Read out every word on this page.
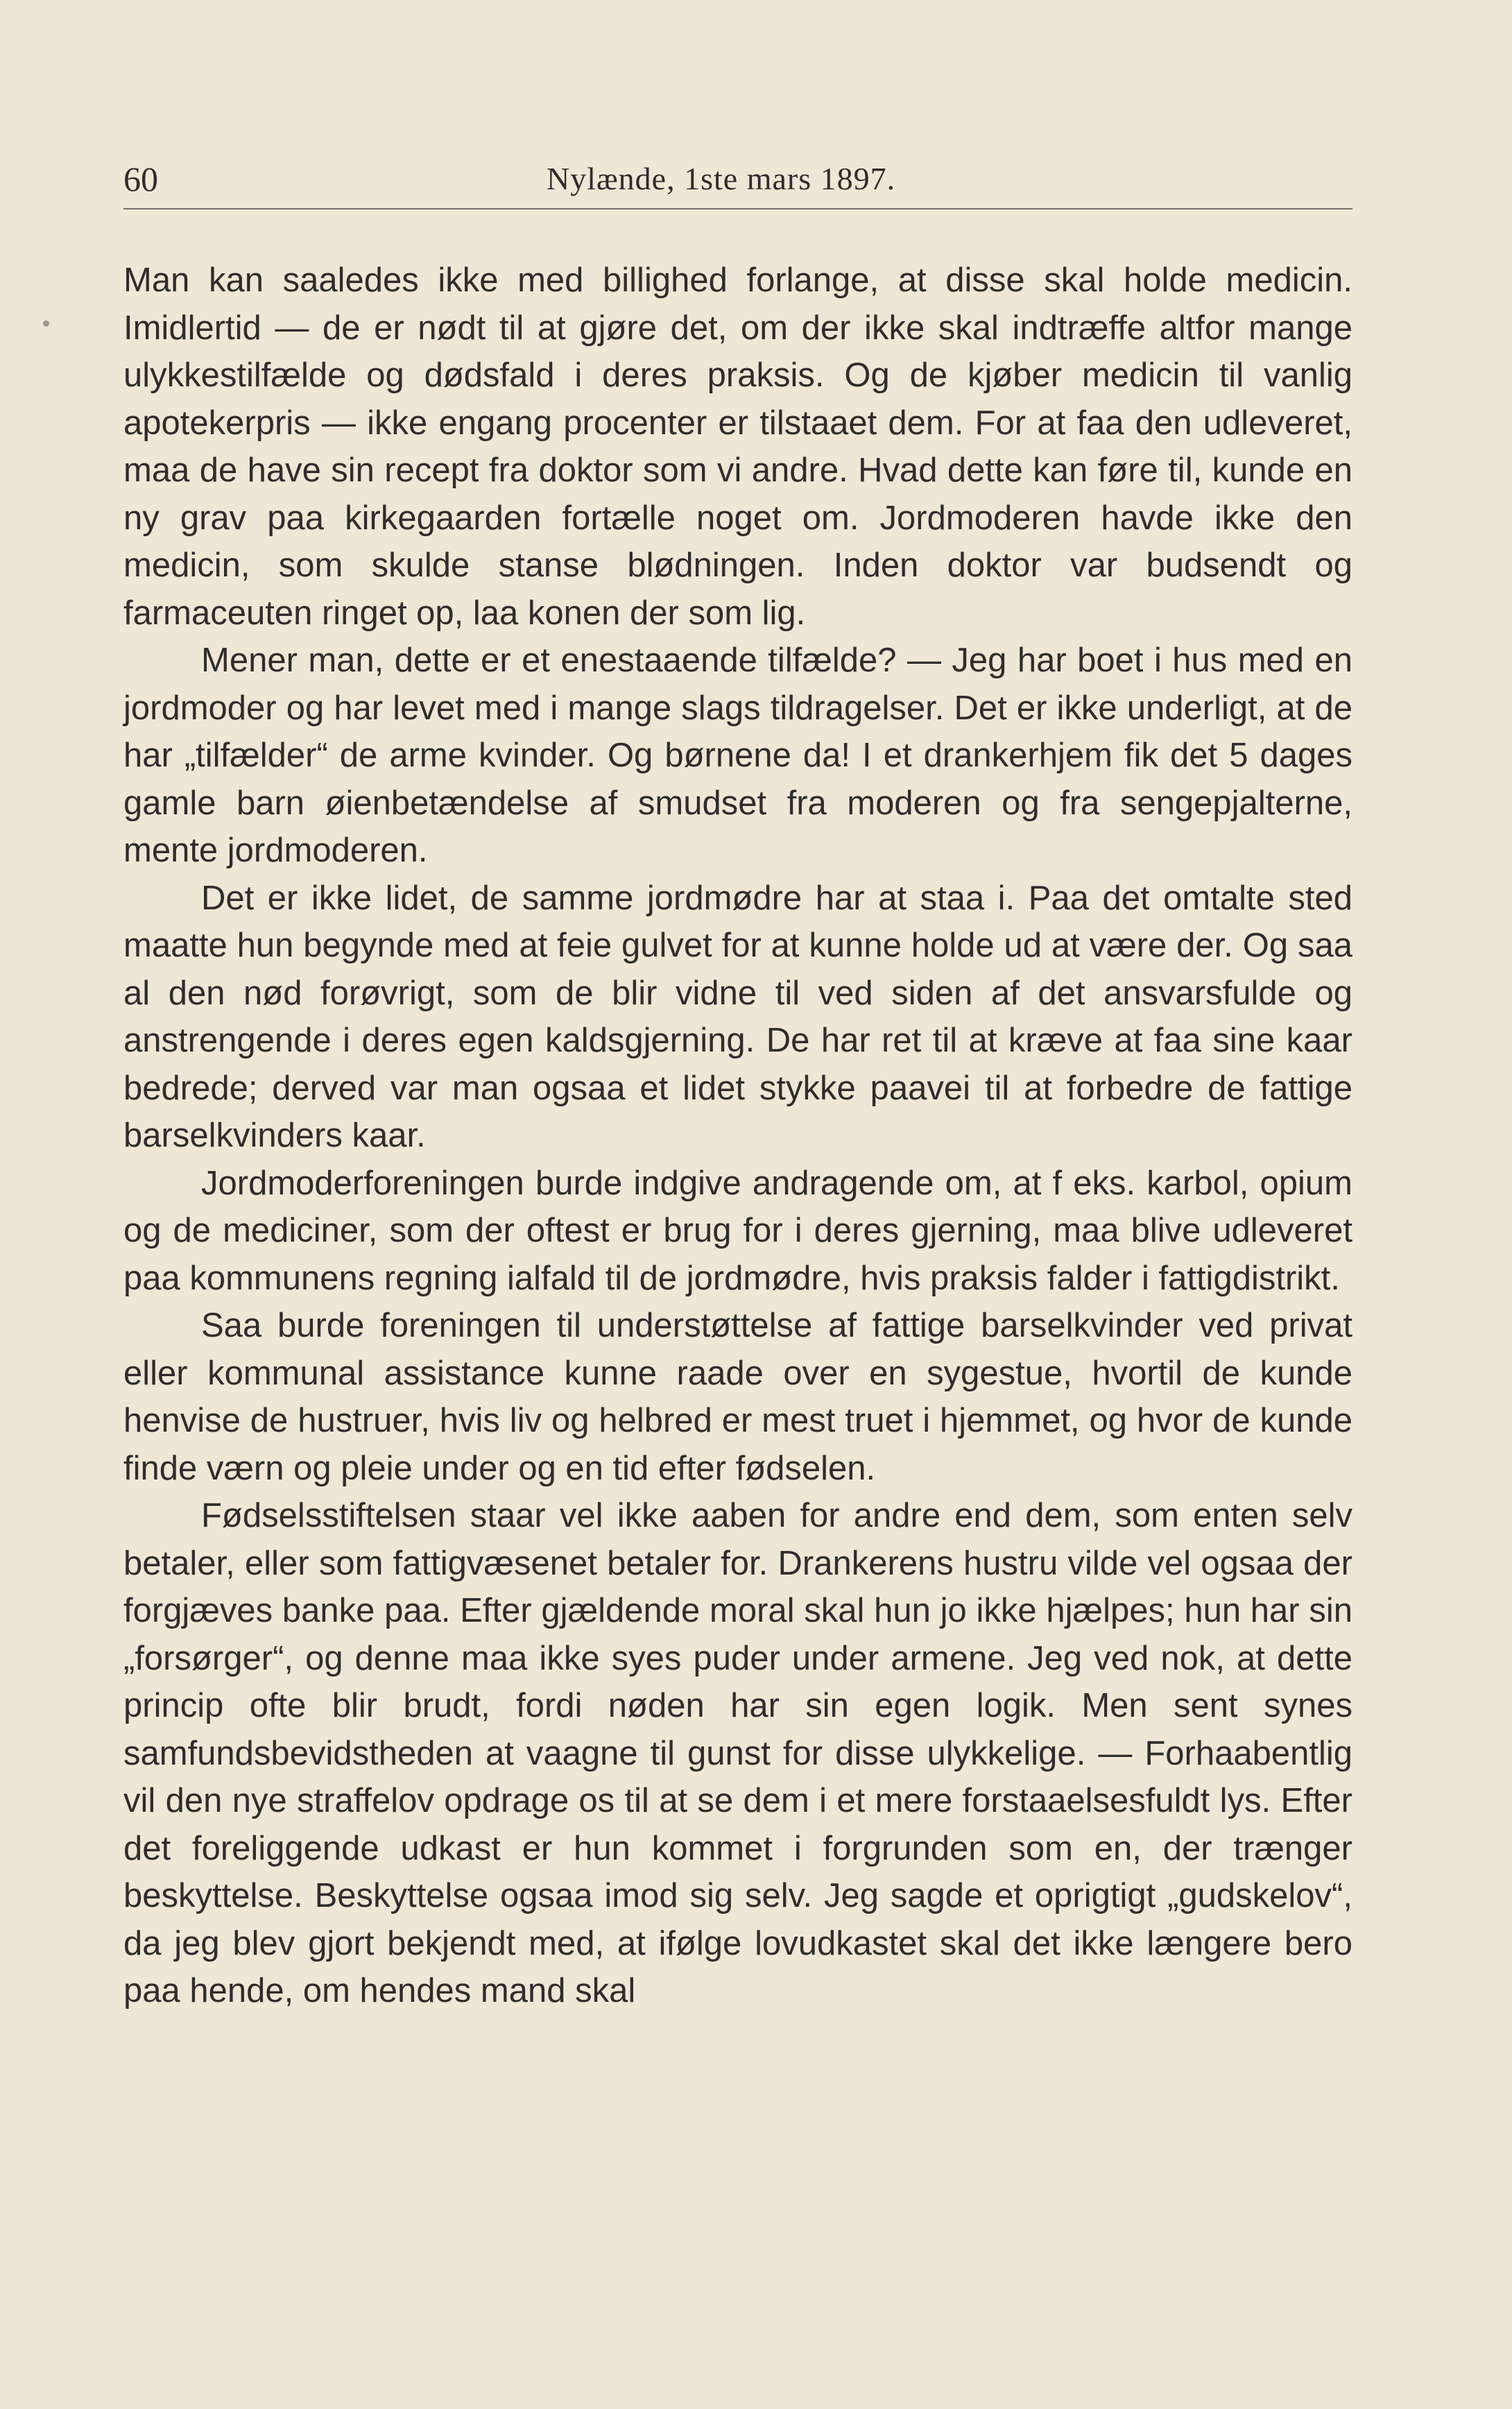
60	Nylænde, 1ste mars 1897.

Man kan saaledes ikke med billighed forlange, at disse skal holde medicin. Imidlertid — de er nødt til at gjøre det, om der ikke skal indtræffe altfor mange ulykkestilfælde og dødsfald i deres praksis. Og de kjøber medicin til vanlig apotekerpris — ikke engang procenter er tilstaaet dem. For at faa den udleveret, maa de have sin recept fra doktor som vi andre. Hvad dette kan føre til, kunde en ny grav paa kirkegaarden fortælle noget om. Jordmoderen havde ikke den medicin, som skulde stanse blødningen. Inden doktor var budsendt og farmaceuten ringet op, laa konen der som lig.

Mener man, dette er et enestaaende tilfælde? — Jeg har boet i hus med en jordmoder og har levet med i mange slags tildragelser. Det er ikke underligt, at de har „tilfælder“ de arme kvinder. Og børnene da! I et drankerhjem fik det 5 dages gamle barn øienbetændelse af smudset fra moderen og fra sengepjalterne, mente jordmoderen.

Det er ikke lidet, de samme jordmødre har at staa i. Paa det omtalte sted maatte hun begynde med at feie gulvet for at kunne holde ud at være der. Og saa al den nød forøvrigt, som de blir vidne til ved siden af det ansvarsfulde og anstrengende i deres egen kaldsgjerning. De har ret til at kræve at faa sine kaar bedrede; derved var man ogsaa et lidet stykke paavei til at forbedre de fattige barselkvinders kaar.

Jordmoderforeningen burde indgive andragende om, at f eks. karbol, opium og de mediciner, som der oftest er brug for i deres gjerning, maa blive udleveret paa kommunens regning ialfald til de jordmødre, hvis praksis falder i fattigdistrikt.

Saa burde foreningen til understøttelse af fattige barselkvinder ved privat eller kommunal assistance kunne raade over en sygestue, hvortil de kunde henvise de hustruer, hvis liv og helbred er mest truet i hjemmet, og hvor de kunde finde værn og pleie under og en tid efter fødselen.

Fødselsstiftelsen staar vel ikke aaben for andre end dem, som enten selv betaler, eller som fattigvæsenet betaler for. Drankerens hustru vilde vel ogsaa der forgjæves banke paa. Efter gjældende moral skal hun jo ikke hjælpes; hun har sin „forsørger“, og denne maa ikke syes puder under armene. Jeg ved nok, at dette princip ofte blir brudt, fordi nøden har sin egen logik. Men sent synes samfundsbevidstheden at vaagne til gunst for disse ulykkelige. — Forhaabentlig vil den nye straffelov opdrage os til at se dem i et mere forstaaelsesfuldt lys. Efter det foreliggende udkast er hun kommet i forgrunden som en, der trænger beskyttelse. Beskyttelse ogsaa imod sig selv. Jeg sagde et oprigtigt „gudskelov“, da jeg blev gjort bekjendt med, at ifølge lovudkastet skal det ikke længere bero paa hende, om hendes mand skal
